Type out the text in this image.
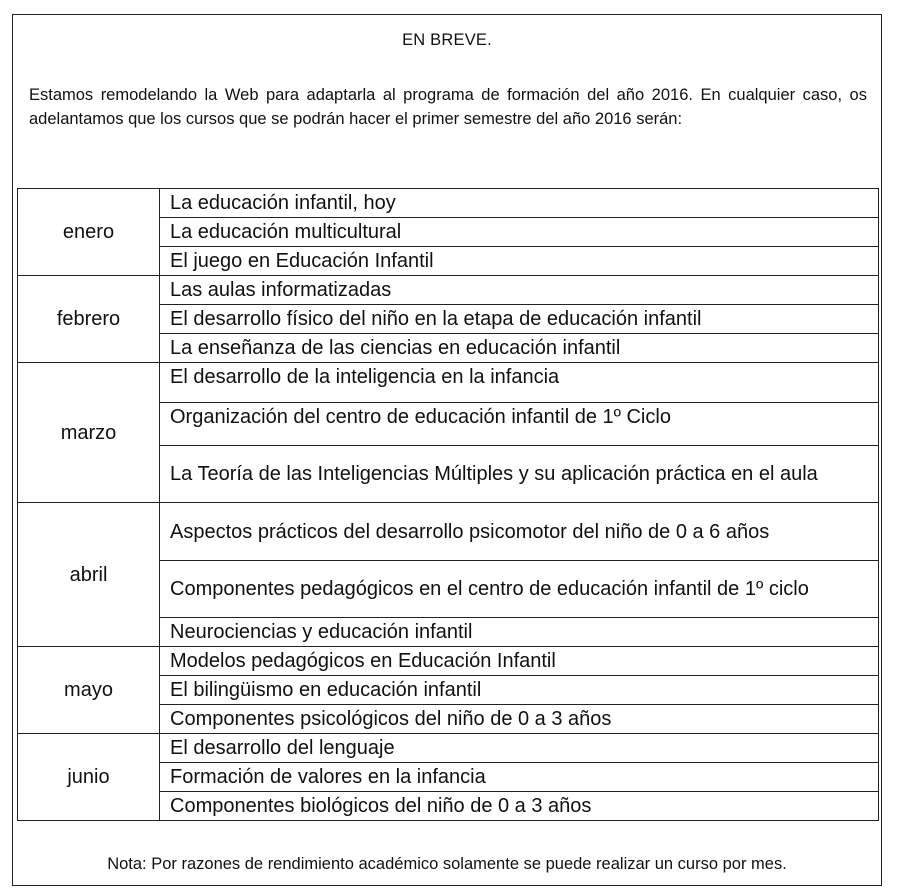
EN BREVE.

Estamos remodelando la Web para adaptarla al programa de formación del año 2016. En cualquier caso, os adelantamos que los cursos que se podrán hacer el primer semestre del año 2016 serán:

enero	La educación infantil, hoy
	La educación multicultural
	El juego en Educación Infantil
febrero	Las aulas informatizadas
	El desarrollo físico del niño en la etapa de educación infantil
	La enseñanza de las ciencias en educación infantil
marzo	El desarrollo de la inteligencia en la infancia
	Organización del centro de educación infantil de 1º Ciclo
	La Teoría de las Inteligencias Múltiples y su aplicación práctica en el aula
abril	Aspectos prácticos del desarrollo psicomotor del niño de 0 a 6 años
	Componentes pedagógicos en el centro de educación infantil de 1º ciclo
	Neurociencias y educación infantil
mayo	Modelos pedagógicos en Educación Infantil
	El bilingüismo en educación infantil
	Componentes psicológicos del niño de 0 a 3 años
junio	El desarrollo del lenguaje
	Formación de valores en la infancia
	Componentes biológicos del niño de 0 a 3 años

Nota: Por razones de rendimiento académico solamente se puede realizar un curso por mes.
